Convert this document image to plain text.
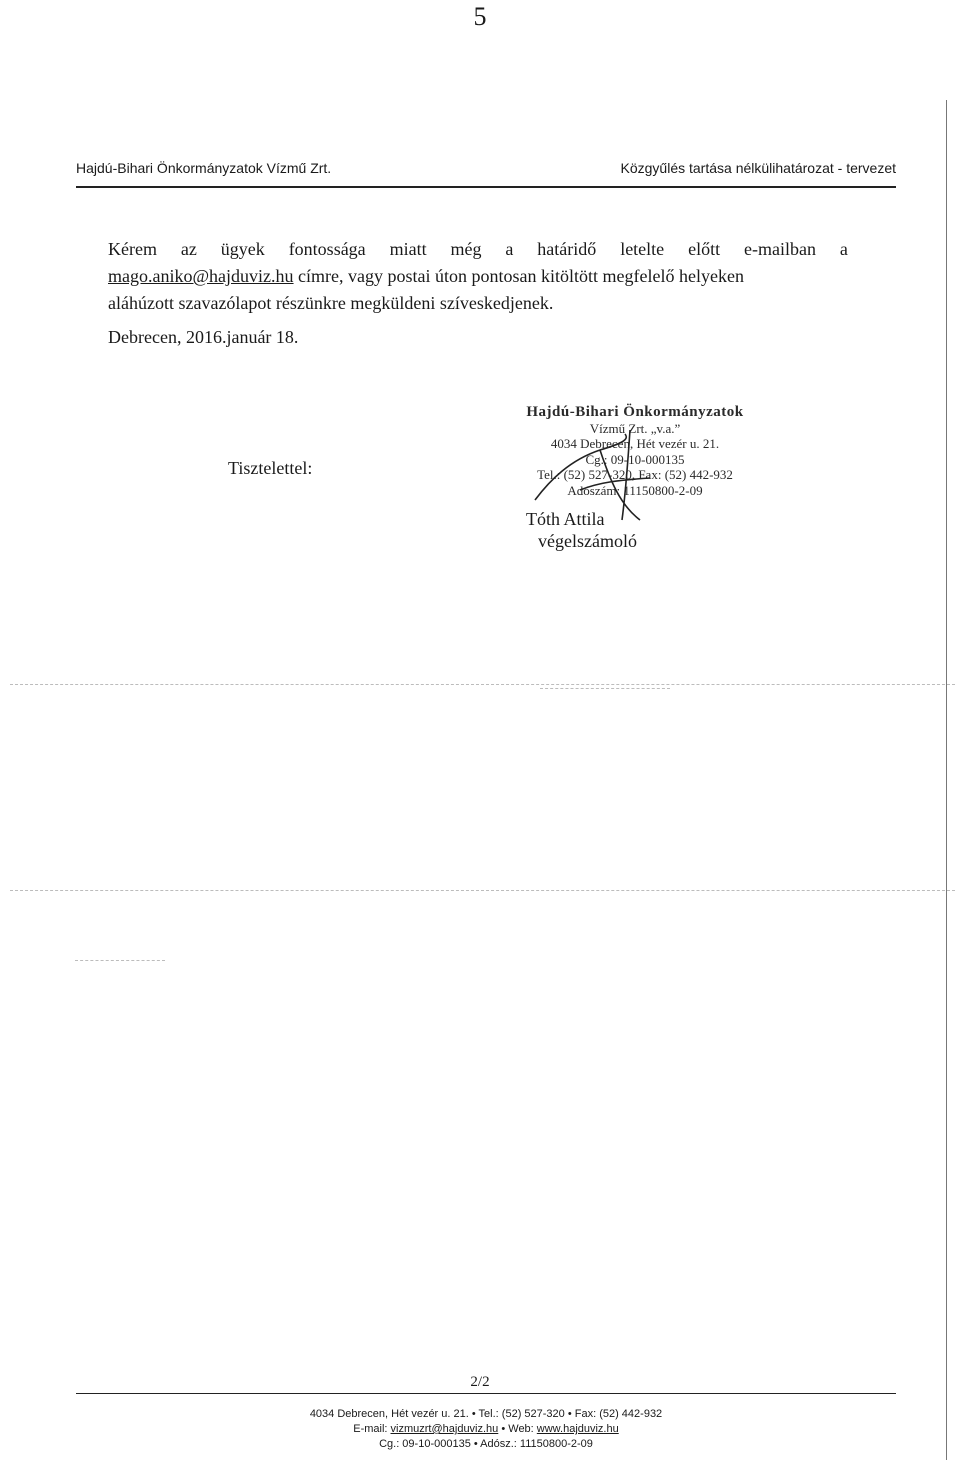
5
Hajdú-Bihari Önkormányzatok Vízmű Zrt.	Közgyűlés tartása nélkülihatározat - tervezet
Kérem az ügyek fontossága miatt még a határidő letelte előtt e-mailban a
mago.aniko@hajduviz.hu címre, vagy postai úton pontosan kitöltött megfelelő helyeken
aláhúzott szavazólapot részünkre megküldeni szíveskedjenek.
Debrecen, 2016.január 18.
Tisztelettel:
Hajdú-Bihari Önkormányzatok
Vízmű Zrt. „v.a.”
4034 Debrecen, Hét vezér u. 21.
Cg.: 09-10-000135
Tel.: (52) 527-320, Fax: (52) 442-932
Adószám: 11150800-2-09
Tóth Attila
végelszámoló
2/2
4034 Debrecen, Hét vezér u. 21. • Tel.: (52) 527-320 • Fax: (52) 442-932
E-mail: vizmuzrt@hajduviz.hu • Web: www.hajduviz.hu
Cg.: 09-10-000135 • Adósz.: 11150800-2-09
